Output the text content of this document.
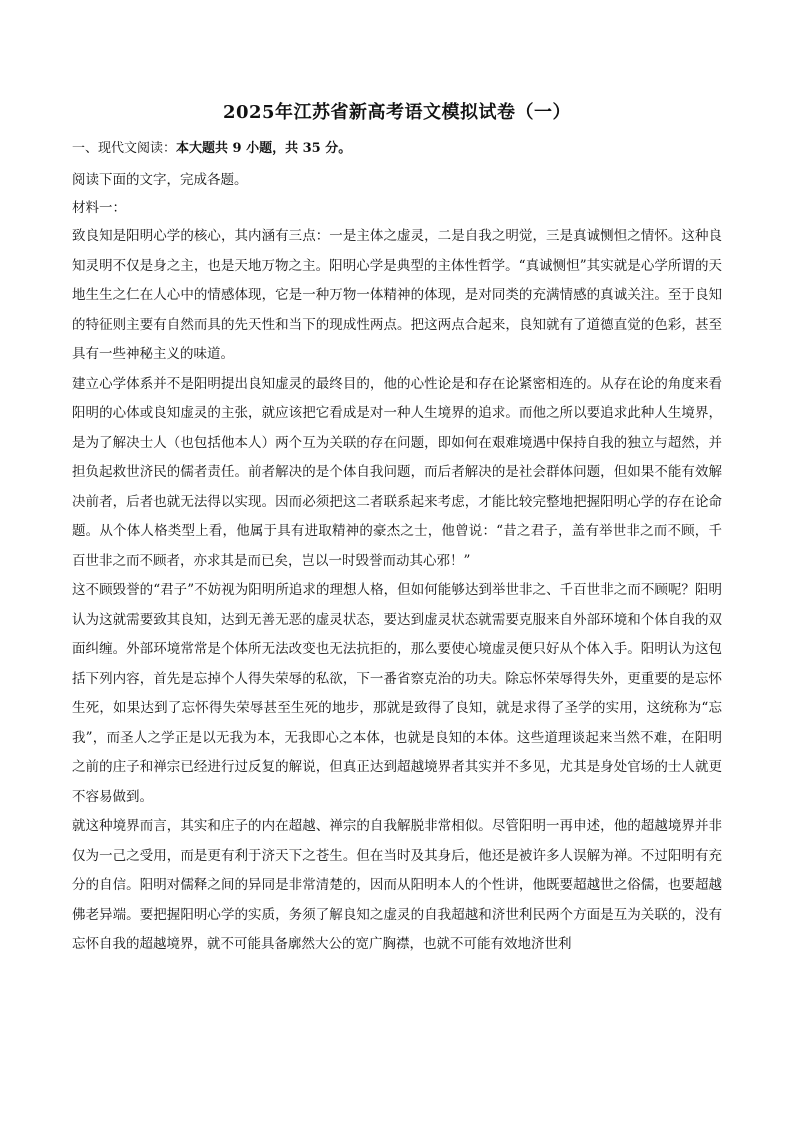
2025年江苏省新高考语文模拟试卷（一）

一、现代文阅读：本大题共 9 小题，共 35 分。

阅读下面的文字，完成各题。

材料一：

致良知是阳明心学的核心，其内涵有三点：一是主体之虚灵，二是自我之明觉，三是真诚恻怛之情怀。这种良知灵明不仅是身之主，也是天地万物之主。阳明心学是典型的主体性哲学。“真诚恻怛”其实就是心学所谓的天地生生之仁在人心中的情感体现，它是一种万物一体精神的体现，是对同类的充满情感的真诚关注。至于良知的特征则主要有自然而具的先天性和当下的现成性两点。把这两点合起来，良知就有了道德直觉的色彩，甚至具有一些神秘主义的味道。

建立心学体系并不是阳明提出良知虚灵的最终目的，他的心性论是和存在论紧密相连的。从存在论的角度来看阳明的心体或良知虚灵的主张，就应该把它看成是对一种人生境界的追求。而他之所以要追求此种人生境界，是为了解决士人（也包括他本人）两个互为关联的存在问题，即如何在艰难境遇中保持自我的独立与超然，并担负起救世济民的儒者责任。前者解决的是个体自我问题，而后者解决的是社会群体问题，但如果不能有效解决前者，后者也就无法得以实现。因而必须把这二者联系起来考虑，才能比较完整地把握阳明心学的存在论命题。从个体人格类型上看，他属于具有进取精神的豪杰之士，他曾说：“昔之君子，盖有举世非之而不顾，千百世非之而不顾者，亦求其是而已矣，岂以一时毁誉而动其心邪！”

这不顾毁誉的“君子”不妨视为阳明所追求的理想人格，但如何能够达到举世非之、千百世非之而不顾呢？阳明认为这就需要致其良知，达到无善无恶的虚灵状态，要达到虚灵状态就需要克服来自外部环境和个体自我的双面纠缠。外部环境常常是个体所无法改变也无法抗拒的，那么要使心境虚灵便只好从个体入手。阳明认为这包括下列内容，首先是忘掉个人得失荣辱的私欲，下一番省察克治的功夫。除忘怀荣辱得失外，更重要的是忘怀生死，如果达到了忘怀得失荣辱甚至生死的地步，那就是致得了良知，就是求得了圣学的实用，这统称为“忘我”，而圣人之学正是以无我为本，无我即心之本体，也就是良知的本体。这些道理谈起来当然不难，在阳明之前的庄子和禅宗已经进行过反复的解说，但真正达到超越境界者其实并不多见，尤其是身处官场的士人就更不容易做到。

就这种境界而言，其实和庄子的内在超越、禅宗的自我解脱非常相似。尽管阳明一再申述，他的超越境界并非仅为一己之受用，而是更有利于济天下之苍生。但在当时及其身后，他还是被许多人误解为禅。不过阳明有充分的自信。阳明对儒释之间的异同是非常清楚的，因而从阳明本人的个性讲，他既要超越世之俗儒，也要超越佛老异端。要把握阳明心学的实质，务须了解良知之虚灵的自我超越和济世利民两个方面是互为关联的，没有忘怀自我的超越境界，就不可能具备廓然大公的宽广胸襟，也就不可能有效地济世利
